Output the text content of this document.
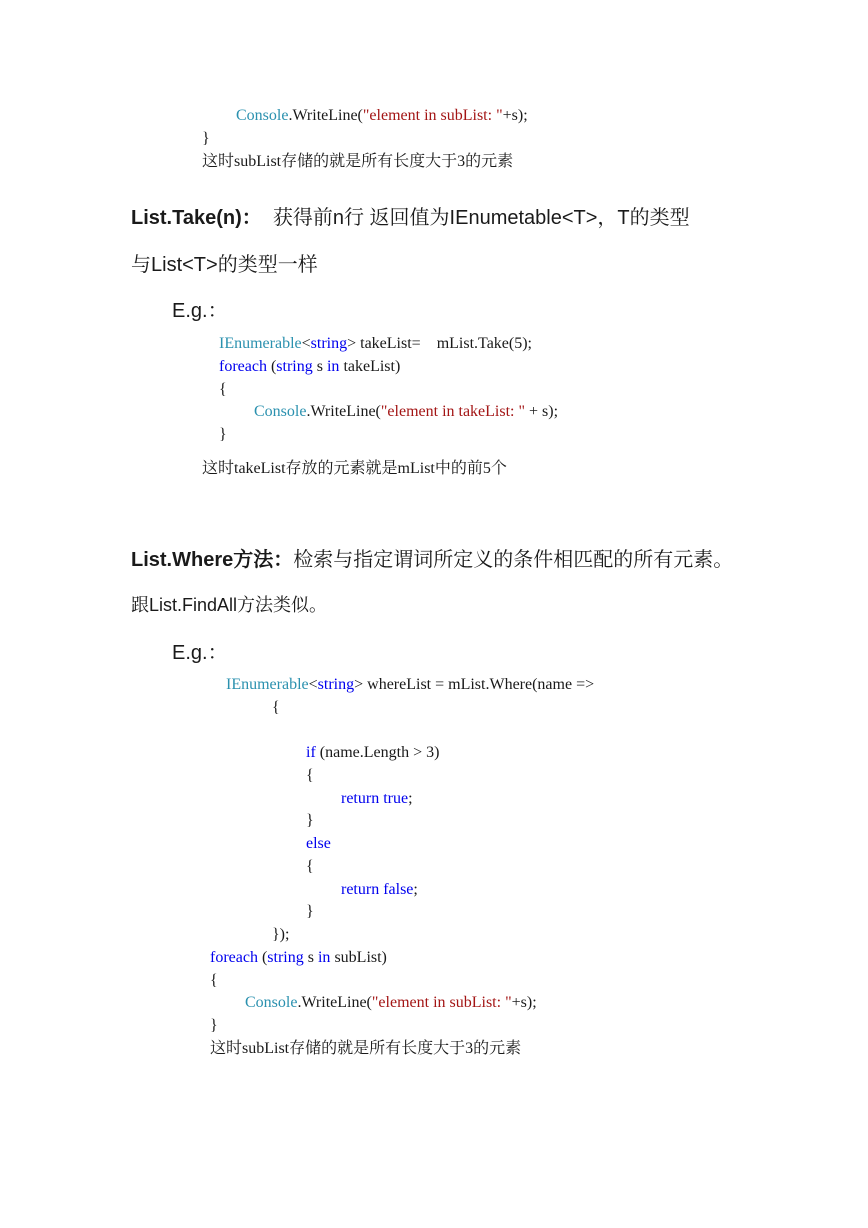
Console.WriteLine("element in subList: "+s);
}
这时subList存储的就是所有长度大于3的元素
List.Take(n)：  获得前n行 返回值为IEnumetable<T>，T的类型
与List<T>的类型一样
E.g.：
IEnumerable<string> takeList=    mList.Take(5);
foreach (string s in takeList)
{
Console.WriteLine("element in takeList: " + s);
}
这时takeList存放的元素就是mList中的前5个
List.Where方法：检索与指定谓词所定义的条件相匹配的所有元素。
跟List.FindAll方法类似。
E.g.：
IEnumerable<string> whereList = mList.Where(name =>
{
if (name.Length > 3)
{
return true;
}
else
{
return false;
}
});
foreach (string s in subList)
{
Console.WriteLine("element in subList: "+s);
}
这时subList存储的就是所有长度大于3的元素
